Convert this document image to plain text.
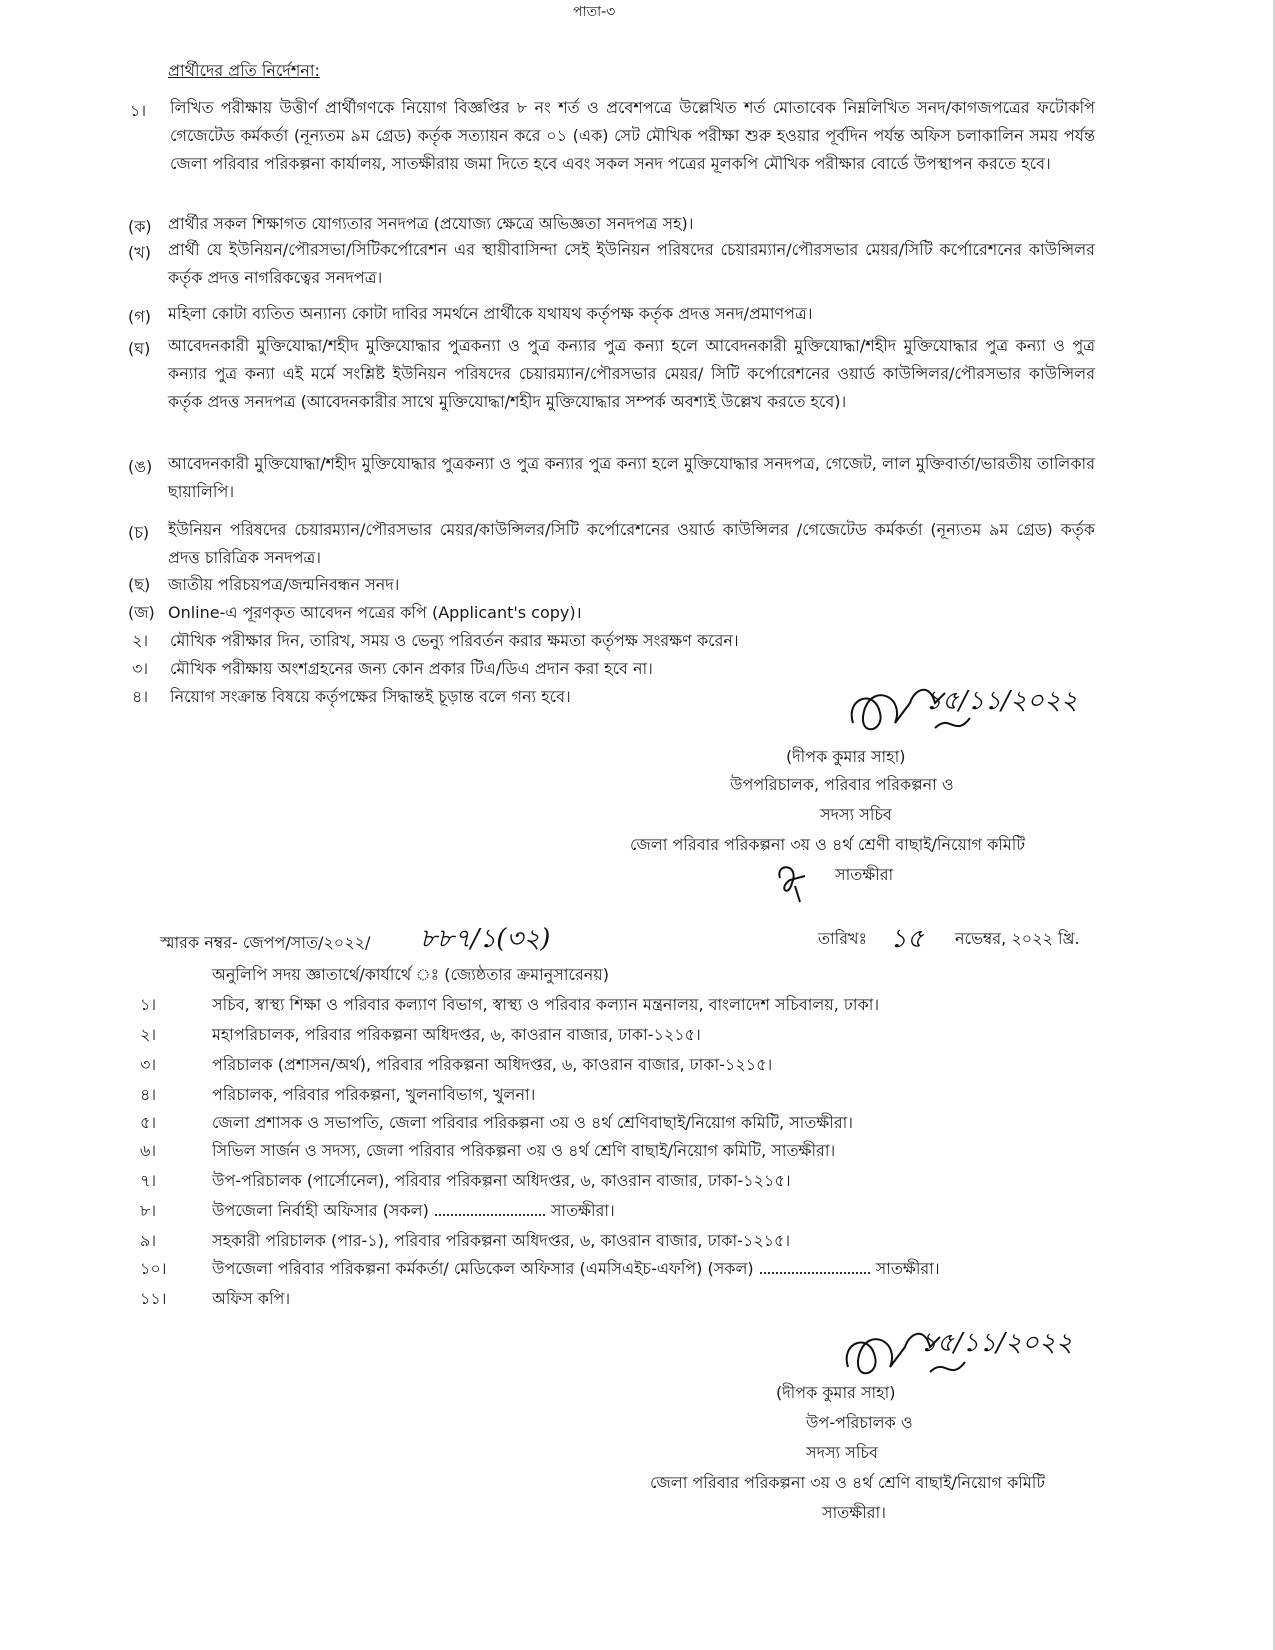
পাতা-৩
প্রার্থীদের প্রতি নির্দেশনা:
১।	লিখিত পরীক্ষায় উত্তীর্ণ প্রার্থীগণকে নিয়োগ বিজ্ঞপ্তির ৮ নং শর্ত ও প্রবেশপত্রে উল্লেখিত শর্ত মোতাবেক নিম্নলিখিত সনদ/কাগজপত্রের ফটোকপি গেজেটেড কর্মকর্তা (নূন্যতম ৯ম গ্রেড) কর্তৃক সত্যায়ন করে ০১ (এক) সেট মৌখিক পরীক্ষা শুরু হওয়ার পূর্বদিন পর্যন্ত অফিস চলাকালিন সময় পর্যন্ত জেলা পরিবার পরিকল্পনা কার্যালয়, সাতক্ষীরায় জমা দিতে হবে এবং সকল সনদ পত্রের মূলকপি মৌখিক পরীক্ষার বোর্ডে উপস্থাপন করতে হবে।
(ক) প্রার্থীর সকল শিক্ষাগত যোগ্যতার সনদপত্র (প্রযোজ্য ক্ষেত্রে অভিজ্ঞতা সনদপত্র সহ)।
(খ) প্রার্থী যে ইউনিয়ন/পৌরসভা/সিটিকর্পোরেশন এর স্থায়ীবাসিন্দা সেই ইউনিয়ন পরিষদের চেয়ারম্যান/পৌরসভার মেয়র/সিটি কর্পোরেশনের কাউন্সিলর কর্তৃক প্রদত্ত নাগরিকত্বের সনদপত্র।
(গ) মহিলা কোটা ব্যতিত অন্যান্য কোটা দাবির সমর্থনে প্রার্থীকে যথাযথ কর্তৃপক্ষ কর্তৃক প্রদত্ত সনদ/প্রমাণপত্র।
(ঘ) আবেদনকারী মুক্তিযোদ্ধা/শহীদ মুক্তিযোদ্ধার পুত্রকন্যা ও পুত্র কন্যার পুত্র কন্যা হলে আবেদনকারী মুক্তিযোদ্ধা/শহীদ মুক্তিযোদ্ধার পুত্র কন্যা ও পুত্র কন্যার পুত্র কন্যা এই মর্মে সংশ্লিষ্ট ইউনিয়ন পরিষদের চেয়ারম্যান/পৌরসভার মেয়র/ সিটি কর্পোরেশনের ওয়ার্ড কাউন্সিলর/পৌরসভার কাউন্সিলর কর্তৃক প্রদত্ত সনদপত্র (আবেদনকারীর সাথে মুক্তিযোদ্ধা/শহীদ মুক্তিযোদ্ধার সম্পর্ক অবশ্যই উল্লেখ করতে হবে)।
(ঙ) আবেদনকারী মুক্তিযোদ্ধা/শহীদ মুক্তিযোদ্ধার পুত্রকন্যা ও পুত্র কন্যার পুত্র কন্যা হলে মুক্তিযোদ্ধার সনদপত্র, গেজেট, লাল মুক্তিবার্তা/ভারতীয় তালিকার ছায়ালিপি।
(চ) ইউনিয়ন পরিষদের চেয়ারম্যান/পৌরসভার মেয়র/কাউন্সিলর/সিটি কর্পোরেশনের ওয়ার্ড কাউন্সিলর /গেজেটেড কর্মকর্তা (নূন্যতম ৯ম গ্রেড) কর্তৃক প্রদত্ত চারিত্রিক সনদপত্র।
(ছ) জাতীয় পরিচয়পত্র/জন্মনিবন্ধন সনদ।
(জ) Online-এ পূরণকৃত আবেদন পত্রের কপি (Applicant's copy)।
২। মৌখিক পরীক্ষার দিন, তারিখ, সময় ও ভেন্যু পরিবর্তন করার ক্ষমতা কর্তৃপক্ষ সংরক্ষণ করেন।
৩। মৌখিক পরীক্ষায় অংশগ্রহনের জন্য কোন প্রকার টিএ/ডিএ প্রদান করা হবে না।
৪। নিয়োগ সংক্রান্ত বিষয়ে কর্তৃপক্ষের সিদ্ধান্তই চূড়ান্ত বলে গন্য হবে।	১৫/১১/২০২২
(দীপক কুমার সাহা)
উপপরিচালক, পরিবার পরিকল্পনা ও
সদস্য সচিব
জেলা পরিবার পরিকল্পনা ৩য় ও ৪র্থ শ্রেণী বাছাই/নিয়োগ কমিটি
সাতক্ষীরা
স্মারক নম্বর- জেপপ/সাত/২০২২/ ৮৮৭/১(৩২)	তারিখঃ ১৫ নভেম্বর, ২০২২ খ্রি.
অনুলিপি সদয় জ্ঞাতার্থে/কার্যার্থে ঃ (জ্যেষ্ঠতার ক্রমানুসারেনয়)
১।	সচিব, স্বাস্থ্য শিক্ষা ও পরিবার কল্যাণ বিভাগ, স্বাস্থ্য ও পরিবার কল্যান মন্ত্রনালয়, বাংলাদেশ সচিবালয়, ঢাকা।
২।	মহাপরিচালক, পরিবার পরিকল্পনা অধিদপ্তর, ৬, কাওরান বাজার, ঢাকা-১২১৫।
৩।	পরিচালক (প্রশাসন/অর্থ), পরিবার পরিকল্পনা অধিদপ্তর, ৬, কাওরান বাজার, ঢাকা-১২১৫।
৪।	পরিচালক, পরিবার পরিকল্পনা, খুলনাবিভাগ, খুলনা।
৫।	জেলা প্রশাসক ও সভাপতি, জেলা পরিবার পরিকল্পনা ৩য় ও ৪র্থ শ্রেণিবাছাই/নিয়োগ কমিটি, সাতক্ষীরা।
৬।	সিভিল সার্জন ও সদস্য, জেলা পরিবার পরিকল্পনা ৩য় ও ৪র্থ শ্রেণি বাছাই/নিয়োগ কমিটি, সাতক্ষীরা।
৭।	উপ-পরিচালক (পার্সোনেল), পরিবার পরিকল্পনা অধিদপ্তর, ৬, কাওরান বাজার, ঢাকা-১২১৫।
৮।	উপজেলা নির্বাহী অফিসার (সকল)	সাতক্ষীরা।
৯।	সহকারী পরিচালক (পার-১), পরিবার পরিকল্পনা অধিদপ্তর, ৬, কাওরান বাজার, ঢাকা-১২১৫।
১০।	উপজেলা পরিবার পরিকল্পনা কর্মকর্তা/ মেডিকেল অফিসার (এমসিএইচ-এফপি) (সকল)	সাতক্ষীরা।
১১।	অফিস কপি।
১৫/১১/২০২২
(দীপক কুমার সাহা)
উপ-পরিচালক ও
সদস্য সচিব
জেলা পরিবার পরিকল্পনা ৩য় ও ৪র্থ শ্রেণি বাছাই/নিয়োগ কমিটি
সাতক্ষীরা।
